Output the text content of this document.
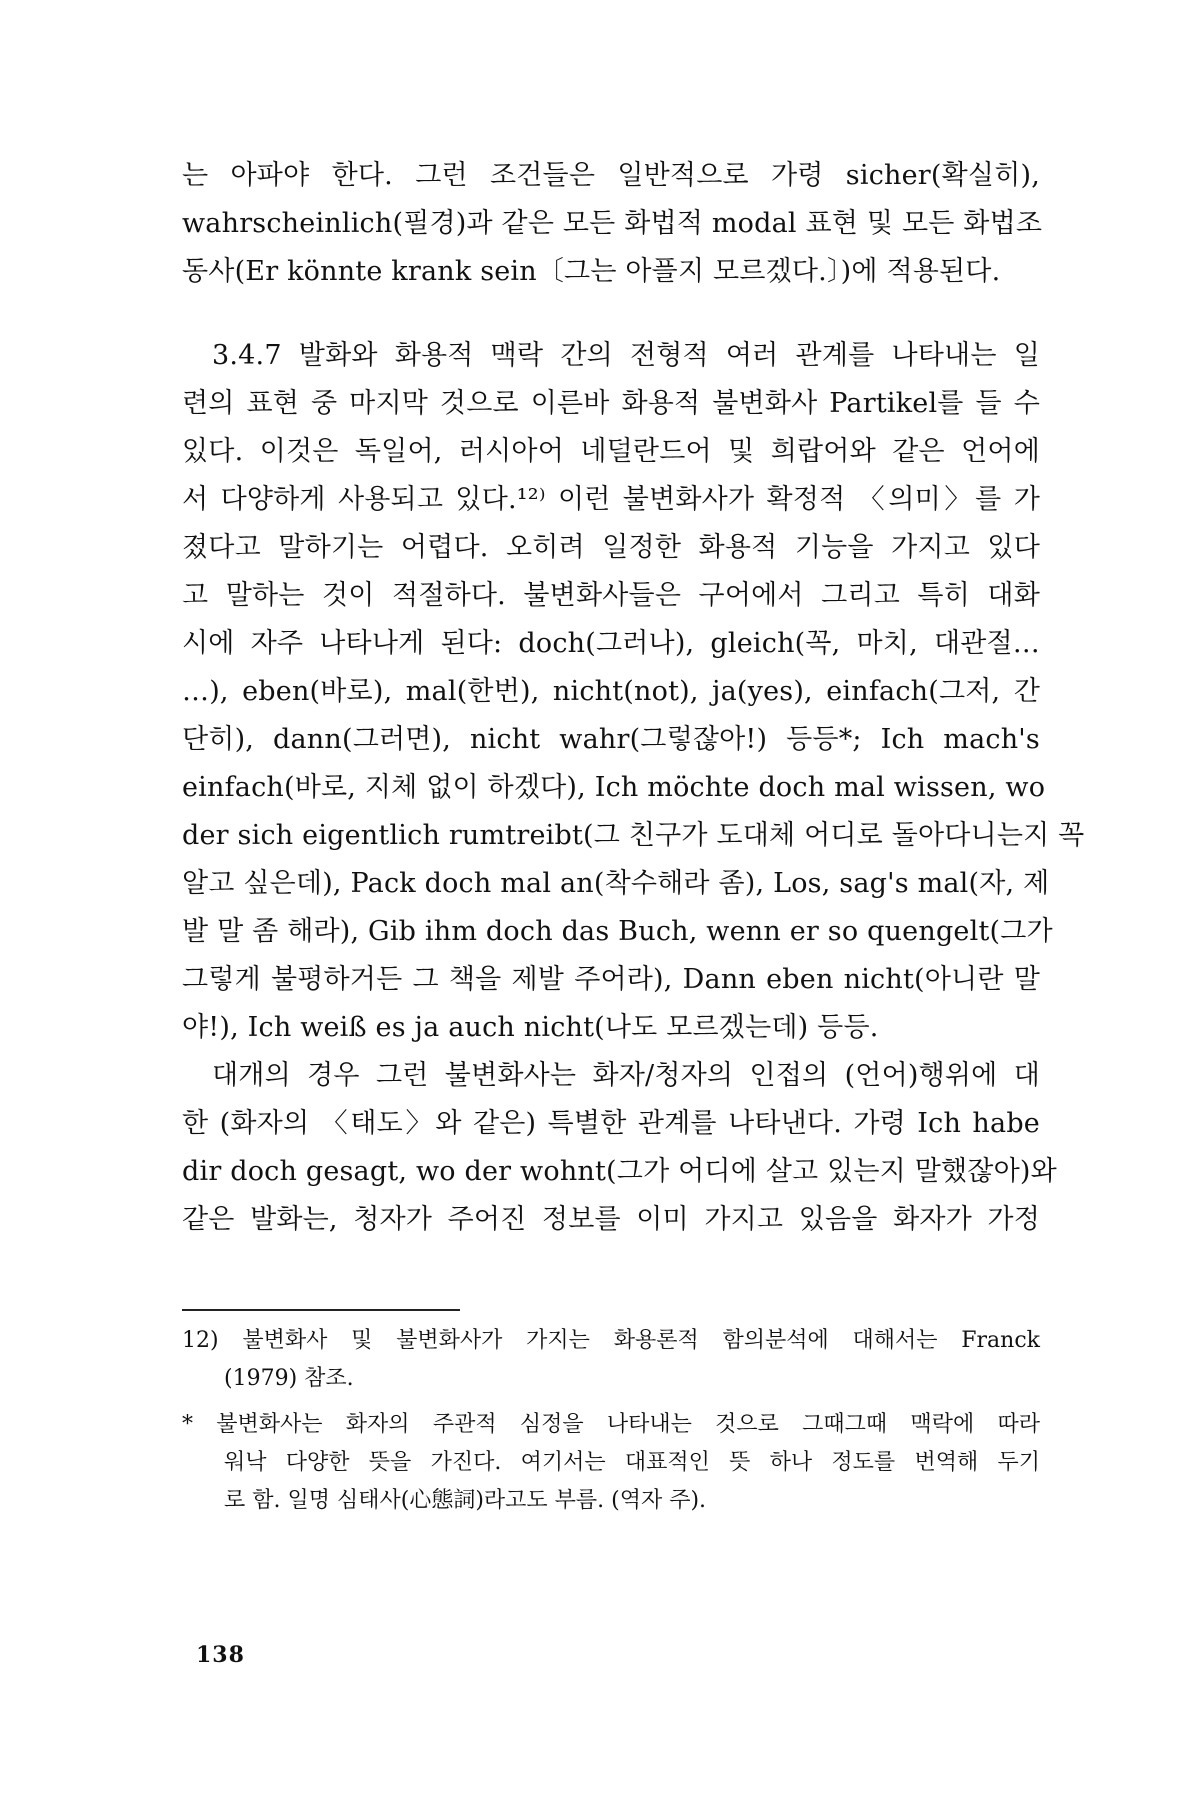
는 아파야 한다. 그런 조건들은 일반적으로 가령 sicher(확실히),
wahrscheinlich(필경)과 같은 모든 화법적 modal 표현 및 모든 화법조
동사(Er könnte krank sein〔그는 아플지 모르겠다.〕)에 적용된다.
3.4.7 발화와 화용적 맥락 간의 전형적 여러 관계를 나타내는 일
련의 표현 중 마지막 것으로 이른바 화용적 불변화사 Partikel를 들 수
있다. 이것은 독일어, 러시아어 네덜란드어 및 희랍어와 같은 언어에
서 다양하게 사용되고 있다.¹²⁾ 이런 불변화사가 확정적 〈의미〉를 가
졌다고 말하기는 어렵다. 오히려 일정한 화용적 기능을 가지고 있다
고 말하는 것이 적절하다. 불변화사들은 구어에서 그리고 특히 대화
시에 자주 나타나게 된다: doch(그러나), gleich(꼭, 마치, 대관절…
…), eben(바로), mal(한번), nicht(not), ja(yes), einfach(그저, 간
단히), dann(그러면), nicht wahr(그렇잖아!) 등등*; Ich mach's
einfach(바로, 지체 없이 하겠다), Ich möchte doch mal wissen, wo
der sich eigentlich rumtreibt(그 친구가 도대체 어디로 돌아다니는지 꼭
알고 싶은데), Pack doch mal an(착수해라 좀), Los, sag's mal(자, 제
발 말 좀 해라), Gib ihm doch das Buch, wenn er so quengelt(그가
그렇게 불평하거든 그 책을 제발 주어라), Dann eben nicht(아니란 말
야!), Ich weiß es ja auch nicht(나도 모르겠는데) 등등.
대개의 경우 그런 불변화사는 화자/청자의 인접의 (언어)행위에 대
한 (화자의 〈태도〉와 같은) 특별한 관계를 나타낸다. 가령 Ich habe
dir doch gesagt, wo der wohnt(그가 어디에 살고 있는지 말했잖아)와
같은 발화는, 청자가 주어진 정보를 이미 가지고 있음을 화자가 가정
12) 불변화사 및 불변화사가 가지는 화용론적 함의분석에 대해서는 Franck
(1979) 참조.
* 불변화사는 화자의 주관적 심정을 나타내는 것으로 그때그때 맥락에 따라
워낙 다양한 뜻을 가진다. 여기서는 대표적인 뜻 하나 정도를 번역해 두기
로 함. 일명 심태사(心態詞)라고도 부름. (역자 주).
138
